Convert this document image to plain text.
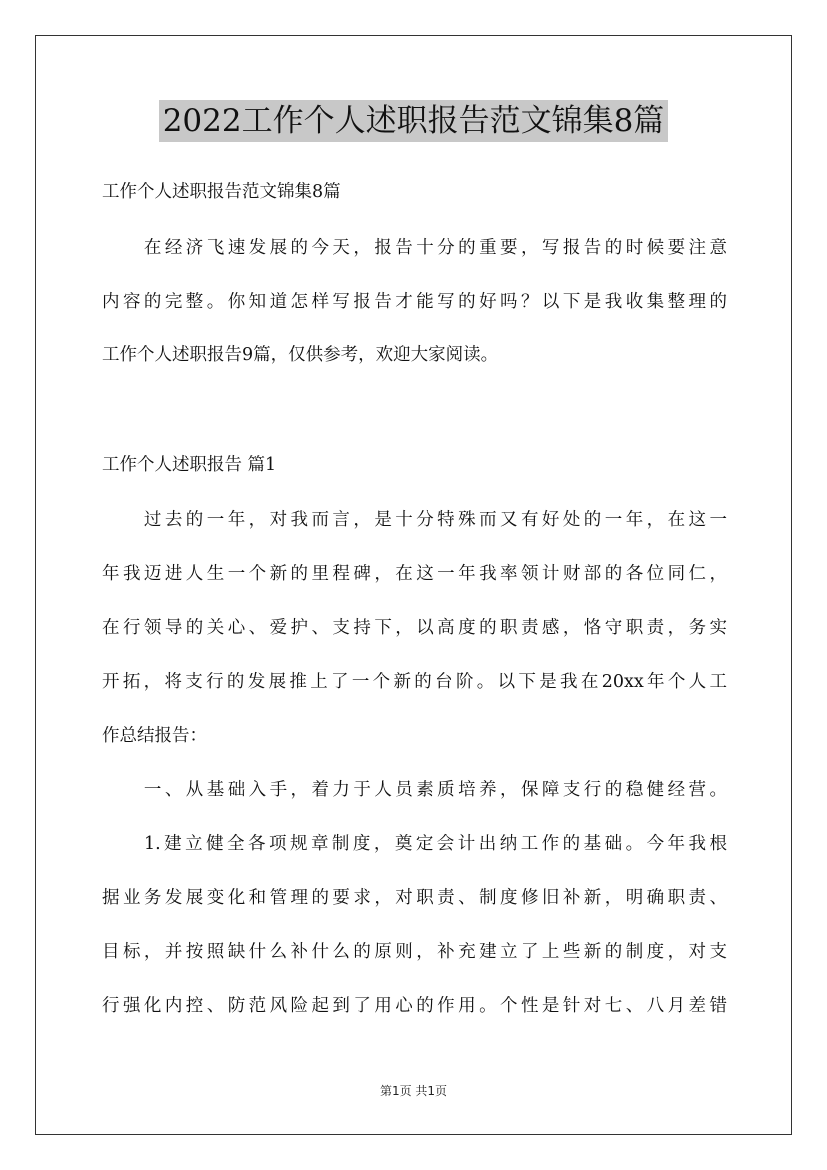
2022工作个人述职报告范文锦集8篇
工作个人述职报告范文锦集8篇
　　在经济飞速发展的今天，报告十分的重要，写报告的时候要注意
内容的完整。你知道怎样写报告才能写的好吗？以下是我收集整理的
工作个人述职报告9篇，仅供参考，欢迎大家阅读。
工作个人述职报告 篇1
　　过去的一年，对我而言，是十分特殊而又有好处的一年，在这一
年我迈进人生一个新的里程碑，在这一年我率领计财部的各位同仁，
在行领导的关心、爱护、支持下，以高度的职责感，恪守职责，务实
开拓，将支行的发展推上了一个新的台阶。以下是我在20xx年个人工
作总结报告：
　　一、从基础入手，着力于人员素质培养，保障支行的稳健经营。
　　1.建立健全各项规章制度，奠定会计出纳工作的基础。今年我根
据业务发展变化和管理的要求，对职责、制度修旧补新，明确职责、
目标，并按照缺什么补什么的原则，补充建立了上些新的制度，对支
行强化内控、防范风险起到了用心的作用。个性是针对七、八月差错
第1页 共1页
